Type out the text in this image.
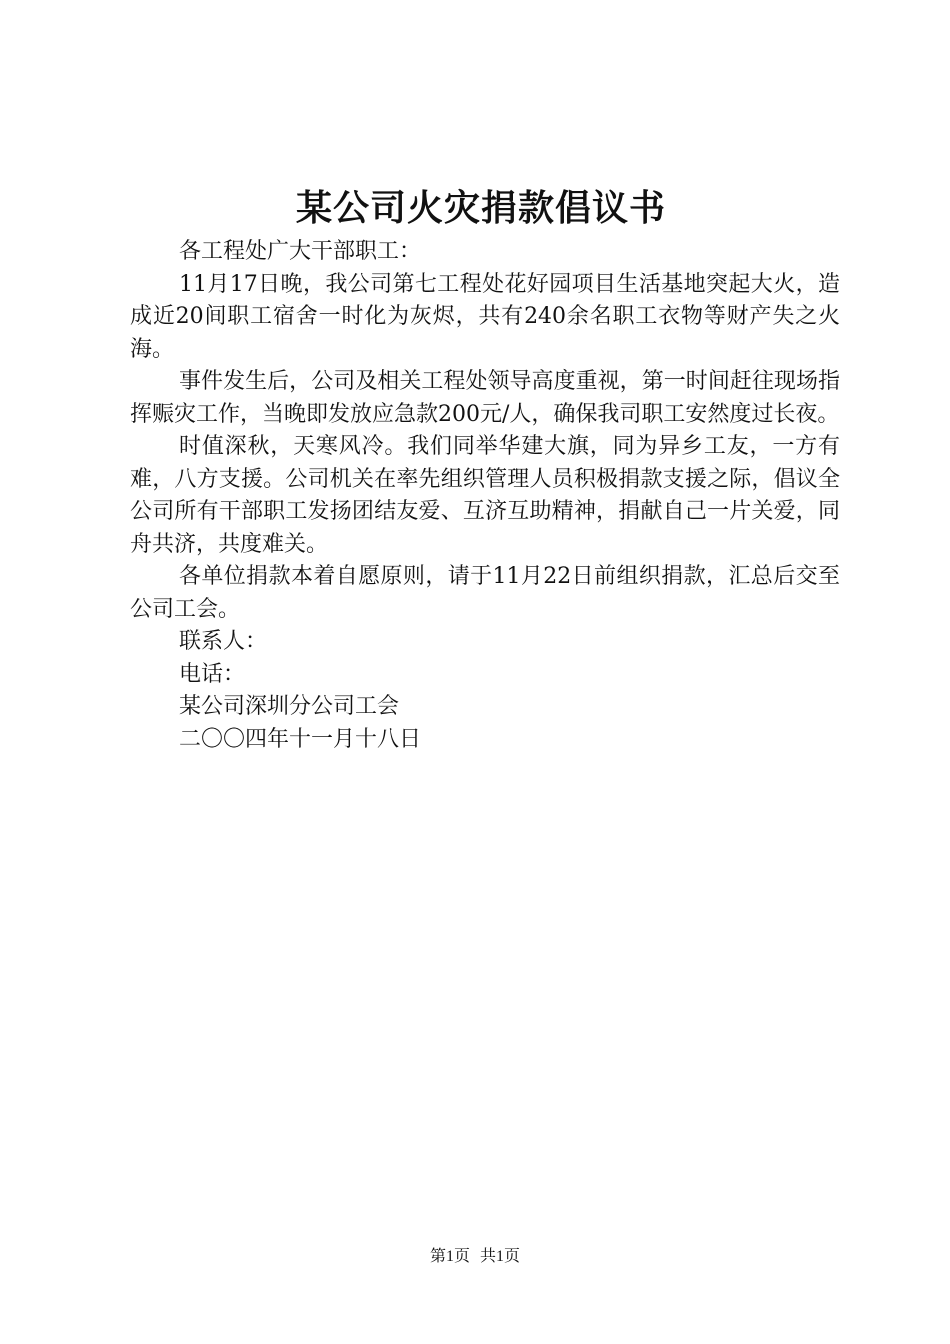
某公司火灾捐款倡议书

各工程处广大干部职工：

11月17日晚，我公司第七工程处花好园项目生活基地突起大火，造成近20间职工宿舍一时化为灰烬，共有240余名职工衣物等财产失之火海。

事件发生后，公司及相关工程处领导高度重视，第一时间赶往现场指挥赈灾工作，当晚即发放应急款200元/人，确保我司职工安然度过长夜。

时值深秋，天寒风冷。我们同举华建大旗，同为异乡工友，一方有难，八方支援。公司机关在率先组织管理人员积极捐款支援之际，倡议全公司所有干部职工发扬团结友爱、互济互助精神，捐献自己一片关爱，同舟共济，共度难关。

各单位捐款本着自愿原则，请于11月22日前组织捐款，汇总后交至公司工会。

联系人：

电话：

某公司深圳分公司工会

二〇〇四年十一月十八日

第1页 共1页
